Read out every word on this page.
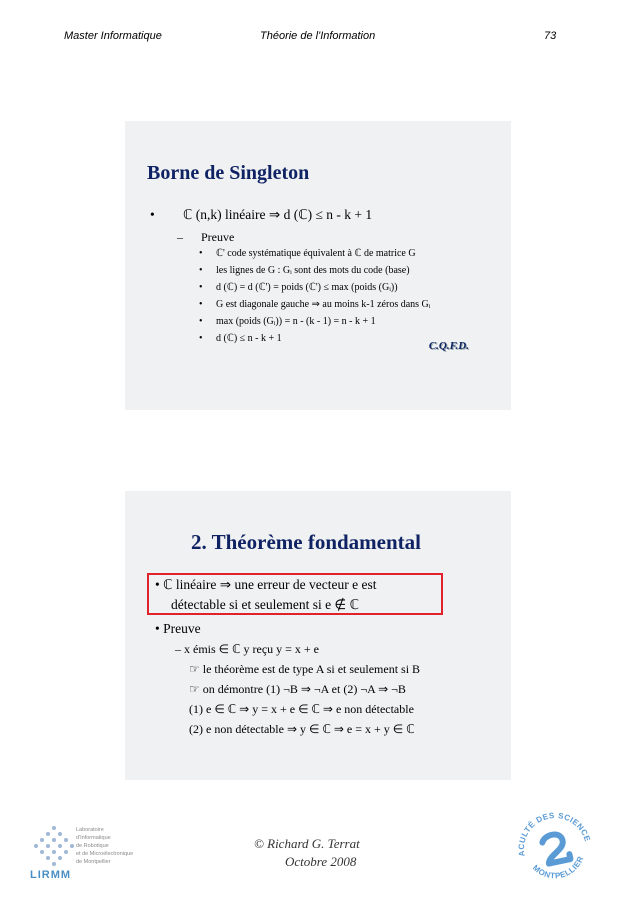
Master Informatique	Théorie de l'Information	73
Borne de Singleton
• ℂ (n,k) linéaire ⇒ d (ℂ) ≤ n - k + 1
– Preuve
• ℂ' code systématique équivalent à ℂ de matrice G
• les lignes de G : Gᵢ sont des mots du code (base)
• d (ℂ) = d (ℂ') = poids (ℂ') ≤ max (poids (Gᵢ))
• G est diagonale gauche ⇒ au moins k-1 zéros dans Gᵢ
• max (poids (Gᵢ)) = n - (k - 1) = n - k + 1
• d (ℂ) ≤ n - k + 1
C.Q.F.D.
2. Théorème fondamental
• ℂ linéaire ⇒ une erreur de vecteur e est
détectable si et seulement si e ∉ ℂ
• Preuve
– x émis ∈ ℂ y reçu y = x + e
☞ le théorème est de type A si et seulement si B
☞ on démontre (1) ¬B ⇒ ¬A et (2) ¬A ⇒ ¬B
(1) e ∈ ℂ ⇒ y = x + e ∈ ℂ ⇒ e non détectable
(2) e non détectable ⇒ y ∈ ℂ ⇒ e = x + y ∈ ℂ
© Richard G. Terrat
Octobre 2008
Laboratoire
d'Informatique
de Robotique
et de Microélectronique
de Montpellier
LIRMM
FACULTÉ DES SCIENCES
MONTPELLIER
